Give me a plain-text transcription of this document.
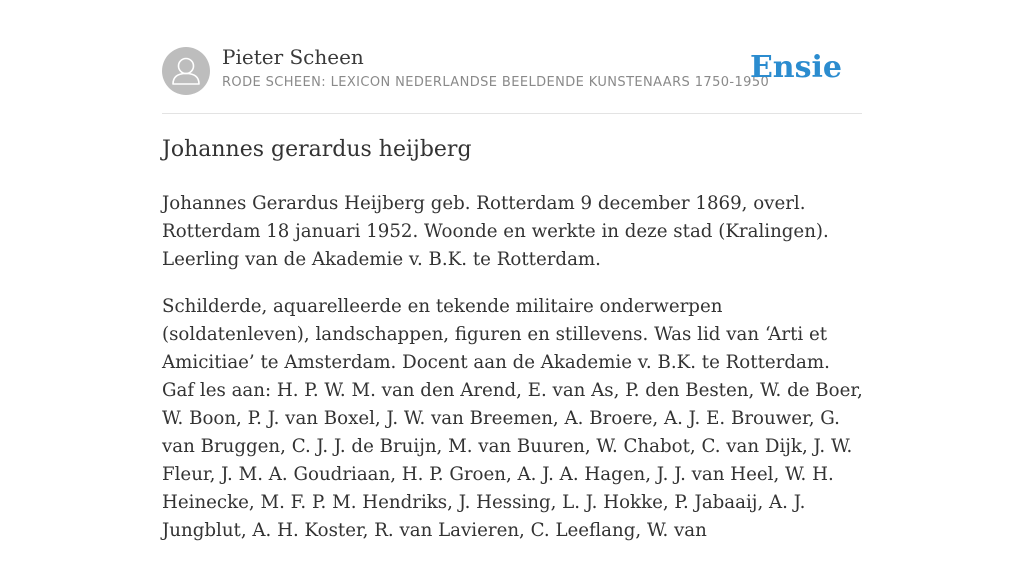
Pieter Scheen
RODE SCHEEN: LEXICON NEDERLANDSE BEELDENDE KUNSTENAARS 1750-1950
Ensie
Johannes gerardus heijberg

Johannes Gerardus Heijberg geb. Rotterdam 9 december 1869, overl. Rotterdam 18 januari 1952. Woonde en werkte in deze stad (Kralingen). Leerling van de Akademie v. B.K. te Rotterdam.

Schilderde, aquarelleerde en tekende militaire onderwerpen (soldatenleven), landschappen, figuren en stillevens. Was lid van ‘Arti et Amicitiae’ te Amsterdam. Docent aan de Akademie v. B.K. te Rotterdam. Gaf les aan: H. P. W. M. van den Arend, E. van As, P. den Besten, W. de Boer, W. Boon, P. J. van Boxel, J. W. van Breemen, A. Broere, A. J. E. Brouwer, G. van Bruggen, C. J. J. de Bruijn, M. van Buuren, W. Chabot, C. van Dijk, J. W. Fleur, J. M. A. Goudriaan, H. P. Groen, A. J. A. Hagen, J. J. van Heel, W. H. Heinecke, M. F. P. M. Hendriks, J. Hessing, L. J. Hokke, P. Jabaaij, A. J. Jungblut, A. H. Koster, R. van Lavieren, C. Leeflang, W. van
